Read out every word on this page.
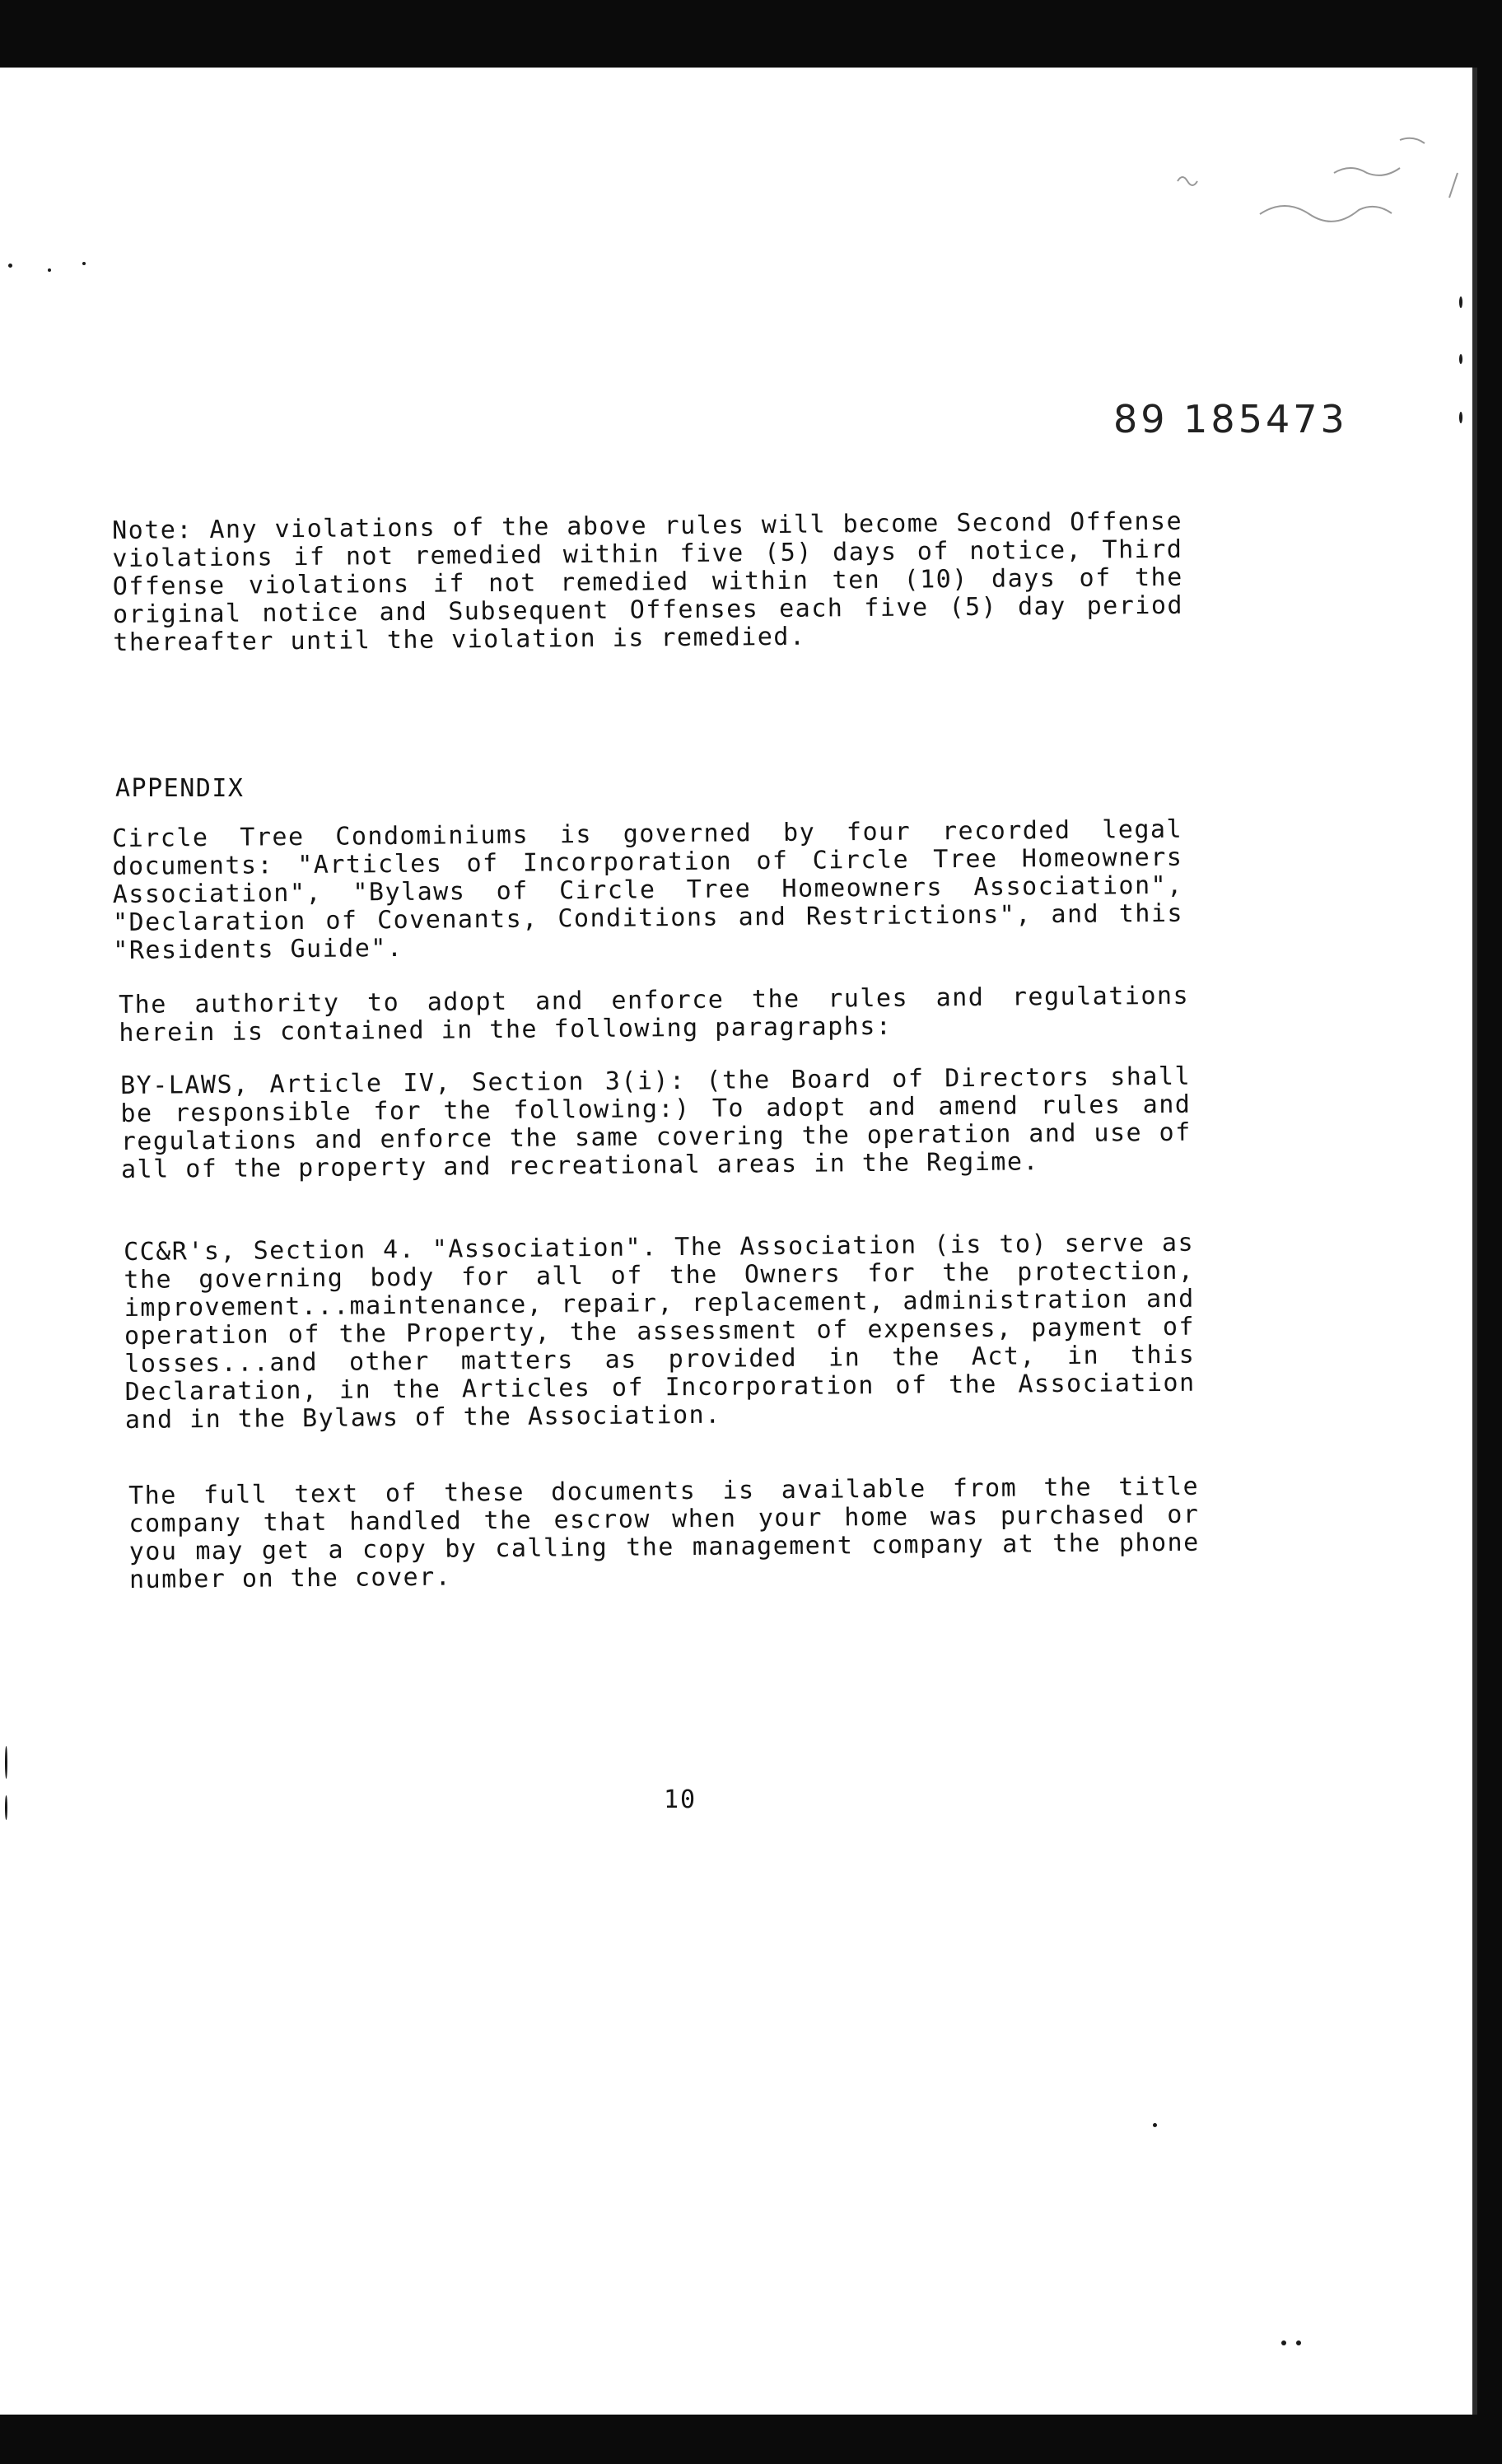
89 185473

Note: Any violations of the above rules will become Second Offense violations if not remedied within five (5) days of notice, Third Offense violations if not remedied within ten (10) days of the original notice and Subsequent Offenses each five (5) day period thereafter until the violation is remedied.

APPENDIX

Circle Tree Condominiums is governed by four recorded legal documents: "Articles of Incorporation of Circle Tree Homeowners Association", "Bylaws of Circle Tree Homeowners Association", "Declaration of Covenants, Conditions and Restrictions", and this "Residents Guide".

The authority to adopt and enforce the rules and regulations herein is contained in the following paragraphs:

BY-LAWS, Article IV, Section 3(i): (the Board of Directors shall be responsible for the following:) To adopt and amend rules and regulations and enforce the same covering the operation and use of all of the property and recreational areas in the Regime.

CC&R's, Section 4. "Association". The Association (is to) serve as the governing body for all of the Owners for the protection, improvement...maintenance, repair, replacement, administration and operation of the Property, the assessment of expenses, payment of losses...and other matters as provided in the Act, in this Declaration, in the Articles of Incorporation of the Association and in the Bylaws of the Association.

The full text of these documents is available from the title company that handled the escrow when your home was purchased or you may get a copy by calling the management company at the phone number on the cover.

10
